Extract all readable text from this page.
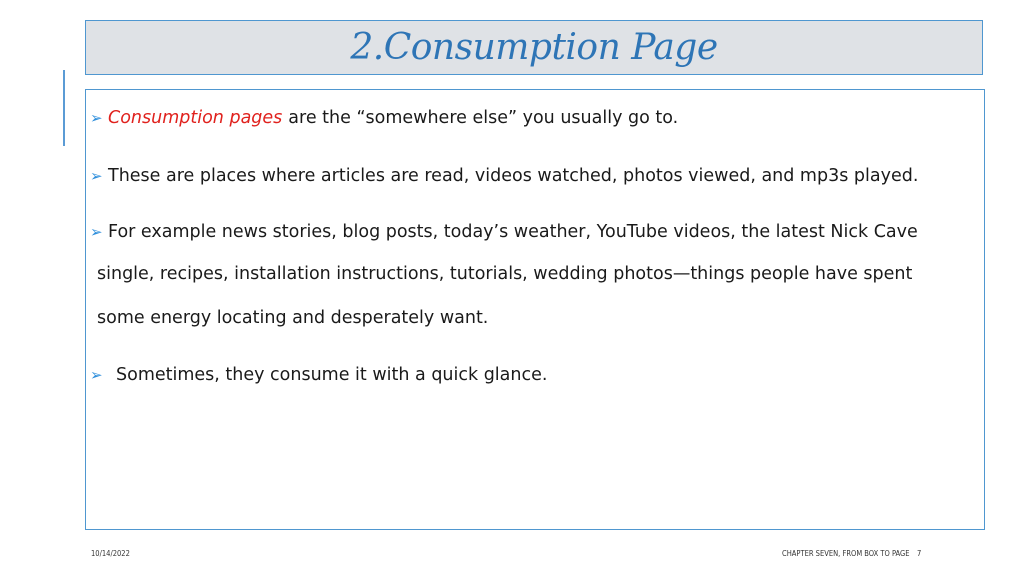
2.Consumption Page
➢ Consumption pages are the “somewhere else” you usually go to.
➢ These are places where articles are read, videos watched, photos viewed, and mp3s played.
➢ For example news stories, blog posts, today’s weather, YouTube videos, the latest Nick Cave
single, recipes, installation instructions, tutorials, wedding photos—things people have spent
some energy locating and desperately want.
➢ Sometimes, they consume it with a quick glance.
10/14/2022	CHAPTER SEVEN, FROM BOX TO PAGE 7
